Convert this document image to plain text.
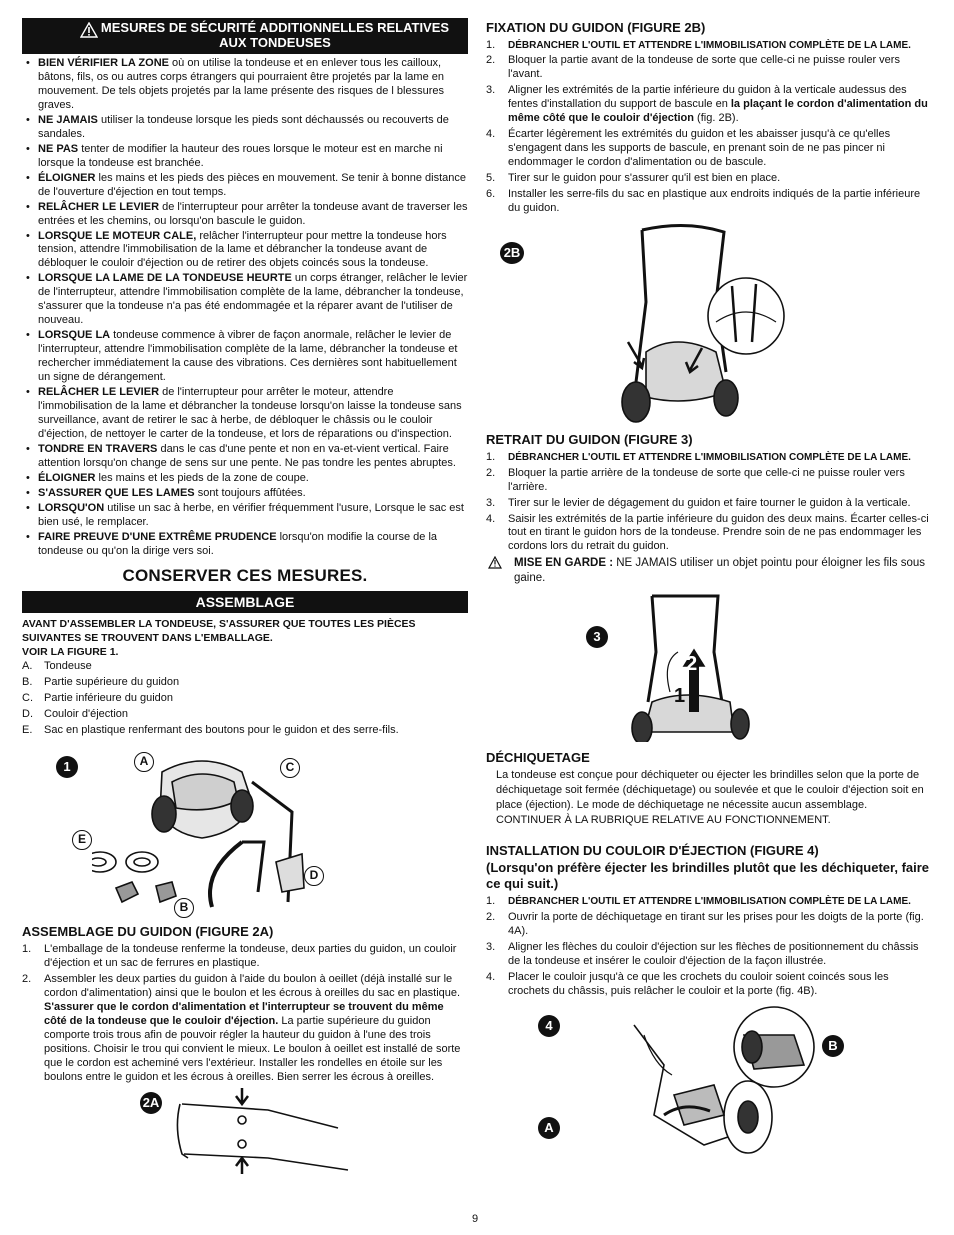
MESURES DE SÉCURITÉ ADDITIONNELLES RELATIVES AUX TONDEUSES
• BIEN VÉRIFIER LA ZONE où on utilise la tondeuse et en enlever tous les cailloux, bâtons, fils, os ou autres corps étrangers qui pourraient être projetés par la lame en mouvement. De tels objets projetés par la lame présente des risques de l blessures graves.
• NE JAMAIS utiliser la tondeuse lorsque les pieds sont déchaussés ou recouverts de sandales.
• NE PAS tenter de modifier la hauteur des roues lorsque le moteur est en marche ni lorsque la tondeuse est branchée.
• ÉLOIGNER les mains et les pieds des pièces en mouvement. Se tenir à bonne distance de l'ouverture d'éjection en tout temps.
• RELÂCHER LE LEVIER de l'interrupteur pour arrêter la tondeuse avant de traverser les entrées et les chemins, ou lorsqu'on bascule le guidon.
• LORSQUE LE MOTEUR CALE, relâcher l'interrupteur pour mettre la tondeuse hors tension, attendre l'immobilisation de la lame et débrancher la tondeuse avant de débloquer le couloir d'éjection ou de retirer des objets coincés sous la tondeuse.
• LORSQUE LA LAME DE LA TONDEUSE HEURTE un corps étranger, relâcher le levier de l'interrupteur, attendre l'immobilisation complète de la lame, débrancher la tondeuse, s'assurer que la tondeuse n'a pas été endommagée et la réparer avant de l'utiliser de nouveau.
• LORSQUE LA tondeuse commence à vibrer de façon anormale, relâcher le levier de l'interrupteur, attendre l'immobilisation complète de la lame, débrancher la tondeuse et rechercher immédiatement la cause des vibrations. Ces dernières sont habituellement un signe de dérangement.
• RELÂCHER LE LEVIER de l'interrupteur pour arrêter le moteur, attendre l'immobilisation de la lame et débrancher la tondeuse lorsqu'on laisse la tondeuse sans surveillance, avant de retirer le sac à herbe, de débloquer le châssis ou le couloir d'éjection, de nettoyer le carter de la tondeuse, et lors de réparations ou d'inspection.
• TONDRE EN TRAVERS dans le cas d'une pente et non en va-et-vient vertical. Faire attention lorsqu'on change de sens sur une pente. Ne pas tondre les pentes abruptes.
• ÉLOIGNER les mains et les pieds de la zone de coupe.
• S'ASSURER QUE LES LAMES sont toujours affûtées.
• LORSQU'ON utilise un sac à herbe, en vérifier fréquemment l'usure, Lorsque le sac est bien usé, le remplacer.
• FAIRE PREUVE D'UNE EXTRÊME PRUDENCE lorsqu'on modifie la course de la tondeuse ou qu'on la dirige vers soi.
CONSERVER CES MESURES.
ASSEMBLAGE
AVANT D'ASSEMBLER LA TONDEUSE, S'ASSURER QUE TOUTES LES PIÈCES SUIVANTES SE TROUVENT DANS L'EMBALLAGE.
VOIR LA FIGURE 1.
A. Tondeuse
B. Partie supérieure du guidon
C. Partie inférieure du guidon
D. Couloir d'éjection
E. Sac en plastique renfermant des boutons pour le guidon et des serre-fils.
1	A	C
E
D
B
ASSEMBLAGE DU GUIDON (FIGURE 2A)
1. L'emballage de la tondeuse renferme la tondeuse, deux parties du guidon, un couloir d'éjection et un sac de ferrures en plastique.
2. Assembler les deux parties du guidon à l'aide du boulon à oeillet (déjà installé sur le cordon d'alimentation) ainsi que le boulon et les écrous à oreilles du sac en plastique. S'assurer que le cordon d'alimentation et l'interrupteur se trouvent du même côté de la tondeuse que le couloir d'éjection. La partie supérieure du guidon comporte trois trous afin de pouvoir régler la hauteur du guidon à l'une des trois positions. Choisir le trou qui convient le mieux. Le boulon à oeillet est installé de sorte que le cordon est acheminé vers l'extérieur. Installer les rondelles en étoile sur les boulons entre le guidon et les écrous à oreilles. Bien serrer les écrous à oreilles.
2A
FIXATION DU GUIDON (FIGURE 2B)
1. DÉBRANCHER L'OUTIL ET ATTENDRE L'IMMOBILISATION COMPLÈTE DE LA LAME.
2. Bloquer la partie avant de la tondeuse de sorte que celle-ci ne puisse rouler vers l'avant.
3. Aligner les extrémités de la partie inférieure du guidon à la verticale audessus des fentes d'installation du support de bascule en la plaçant le cordon d'alimentation du même côté que le couloir d'éjection (fig. 2B).
4. Écarter légèrement les extrémités du guidon et les abaisser jusqu'à ce qu'elles s'engagent dans les supports de bascule, en prenant soin de ne pas pincer ni endommager le cordon d'alimentation ou de bascule.
5. Tirer sur le guidon pour s'assurer qu'il est bien en place.
6. Installer les serre-fils du sac en plastique aux endroits indiqués de la partie inférieure du guidon.
2B
RETRAIT DU GUIDON (FIGURE 3)
1. DÉBRANCHER L'OUTIL ET ATTENDRE L'IMMOBILISATION COMPLÈTE DE LA LAME.
2. Bloquer la partie arrière de la tondeuse de sorte que celle-ci ne puisse rouler vers l'arrière.
3. Tirer sur le levier de dégagement du guidon et faire tourner le guidon à la verticale.
4. Saisir les extrémités de la partie inférieure du guidon des deux mains. Écarter celles-ci tout en tirant le guidon hors de la tondeuse. Prendre soin de ne pas endommager les cordons lors du retrait du guidon.
MISE EN GARDE : NE JAMAIS utiliser un objet pointu pour éloigner les fils sous gaine.
3
2
1
DÉCHIQUETAGE
La tondeuse est conçue pour déchiqueter ou éjecter les brindilles selon que la porte de déchiquetage soit fermée (déchiquetage) ou soulevée et que le couloir d'éjection soit en place (éjection). Le mode de déchiquetage ne nécessite aucun assemblage.
CONTINUER À LA RUBRIQUE RELATIVE AU FONCTIONNEMENT.
INSTALLATION DU COULOIR D'ÉJECTION (FIGURE 4)
(Lorsqu'on préfère éjecter les brindilles plutôt que les déchiqueter, faire ce qui suit.)
1. DÉBRANCHER L'OUTIL ET ATTENDRE L'IMMOBILISATION COMPLÈTE DE LA LAME.
2. Ouvrir la porte de déchiquetage en tirant sur les prises pour les doigts de la porte (fig. 4A).
3. Aligner les flèches du couloir d'éjection sur les flèches de positionnement du châssis de la tondeuse et insérer le couloir d'éjection de la façon illustrée.
4. Placer le couloir jusqu'à ce que les crochets du couloir soient coincés sous les crochets du châssis, puis relâcher le couloir et la porte (fig. 4B).
4
A
B
9
